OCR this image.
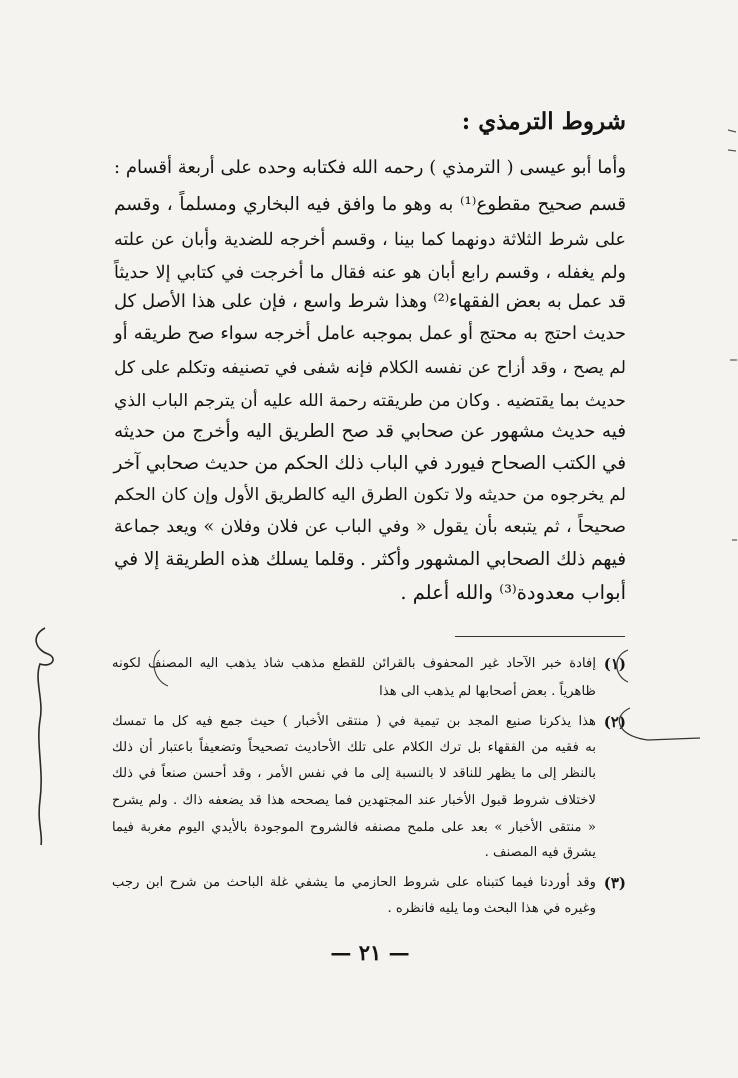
شروط الترمذي :
وأما أبو عيسى ( الترمذي ) رحمه الله فكتابه وحده على أربعة أقسام :
قسم صحيح مقطوع⁽¹⁾ به وهو ما وافق فيه البخاري ومسلماً ، وقسم
على شرط الثلاثة دونهما كما بينا ، وقسم أخرجه للضدية وأبان عن علته
ولم يغفله ، وقسم رابع أبان هو عنه فقال ما أخرجت في كتابي إلا حديثاً
قد عمل به بعض الفقهاء⁽²⁾ وهذا شرط واسع ، فإن على هذا الأصل كل
حديث احتج به محتج أو عمل بموجبه عامل أخرجه سواء صح طريقه أو
لم يصح ، وقد أزاح عن نفسه الكلام فإنه شفى في تصنيفه وتكلم على كل
حديث بما يقتضيه . وكان من طريقته رحمة الله عليه أن يترجم الباب الذي
فيه حديث مشهور عن صحابي قد صح الطريق اليه وأخرج من حديثه
في الكتب الصحاح فيورد في الباب ذلك الحكم من حديث صحابي آخر
لم يخرجوه من حديثه ولا تكون الطرق اليه كالطريق الأول وإن كان الحكم
صحيحاً ، ثم يتبعه بأن يقول « وفي الباب عن فلان وفلان » ويعد جماعة
فيهم ذلك الصحابي المشهور وأكثر . وقلما يسلك هذه الطريقة إلا في
أبواب معدودة⁽³⁾ والله أعلم .
(١)
إفادة خبر الآحاد غير المحفوف بالقرائن للقطع مذهب شاذ يذهب اليه المصنف لكونه
ظاهرياً . بعض أصحابها لم يذهب الى هذا
(٢)
هذا يذكرنا صنيع المجد بن تيمية في ( منتقى الأخبار ) حيث جمع فيه كل ما تمسك
به فقيه من الفقهاء بل ترك الكلام على تلك الأحاديث تصحيحاً وتضعيفاً باعتبار أن ذلك
بالنظر إلى ما يظهر للناقد لا بالنسبة إلى ما في نفس الأمر ، وقد أحسن صنعاً في ذلك
لاختلاف شروط قبول الأخبار عند المجتهدين فما يصححه هذا قد يضعفه ذاك . ولم يشرح
« منتقى الأخبار » بعد على ملمح مصنفه فالشروح الموجودة بالأيدي اليوم مغربة فيما
يشرق فيه المصنف .
(٣)
وقد أوردنا فيما كتبناه على شروط الحازمي ما يشفي غلة الباحث من شرح ابن رجب
وغيره في هذا البحث وما يليه فانظره .
— ٢١ —
